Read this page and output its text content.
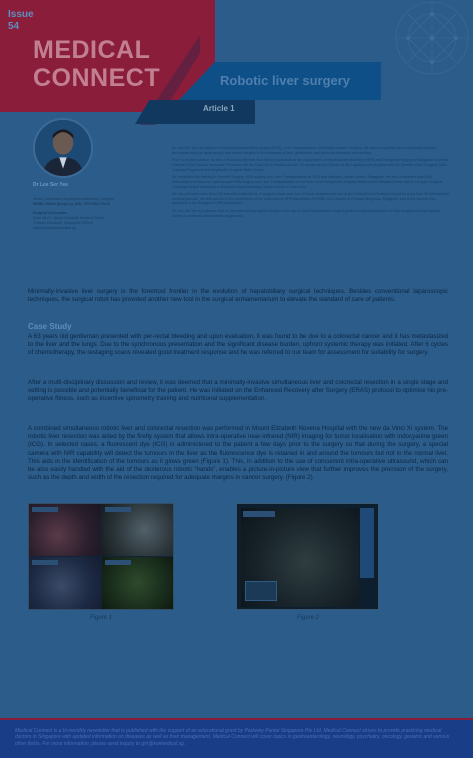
Issue
54
MEDICAL
CONNECT	Robotic liver surgery
Article 1
Dr Lee Ser Yee
Senior Consultant Hepatopancreatobiliary Surgeon
MBBS, MMed (Surgery), MSc, FRCSEd, FACS
Surgical Associates
Suite 08-07, Mount Elizabeth Medical Centre
3 Mount Elizabeth, Singapore 228510
www.surgicalassociates.sg

Dr. Lee Ser Yee specialises in Hepatopancreatobiliary surgery (HPB), Liver Transplantation, Minimally-Invasive Surgery. His area of expertise lies in minimally invasive techniques such as laparoscopic and robotic surgery in the treatment of liver, gallbladder and pancreas diseases and cancers.

Prior to private practice, he was a Founding Member and Senior Consultant at the Department of Hepatopancreatobiliary (HPB) and Transplant Surgery at Singapore General Hospital (SGH) and an Associate Professor with the Duke-NUS medical school. He served as the Director of the Laparoscopic program and the Director of the Surgical Skills Training Program at the SingHealth Surgical Skills Centre.

He completed his training in General Surgery, HPB surgery and Liver Transplantation at SGH and National Cancer Centre, Singapore. He also completed dual USA fellowships in Advanced Laparoscopic HPB surgery and Liver Transplantation at the New York Presbyterian Hospital-Weill Cornell Medical Center and a Complex Surgical Oncology clinical fellowship at Memorial Sloan Kettering Cancer Center in New York.

He has authored more than 140 scientific publications, 4 surgical books and over 10 book chapters and sits on the Editorial and Reviewer Board for more than 30 international medical journals. He also serves in the committees of the International HPB Association (IHPBA), the Chapter of General Surgeons, Singapore and is the current Vice-president of the Singapore HPB Association.

Dr. Lee Ser Yee is a pioneer and an international key-opinion leader in the use of novel fluorescence imaged-guided surgical techniques for liver surgery and has spoken widely in numerous international congresses.

Minimally-invasive liver surgery is the foremost frontier in the evolution of hepatobiliary surgical techniques. Besides conventional laparoscopic techniques, the surgical robot has provided another new tool in the surgical armamentarium to elevate the standard of care of patients.

Case Study

A 63 years old gentleman presented with per-rectal bleeding and upon evaluation, it was found to be due to a colorectal cancer and it has metastasized to the liver and the lungs. Due to the synchronous presentation and the significant disease burden, upfront systemic therapy was initiated. After 6 cycles of chemotherapy, the restaging scans revealed good treatment response and he was referred to our team for assessment for suitability for surgery.

After a multi-disciplinary discussion and review, it was deemed that a minimally-invasive simultaneous liver and colorectal resection in a single stage and setting is possible and potentially beneficial for the patient. He was initiated on the Enhanced Recovery after Surgery (ERAS) protocol to optimise his pre-operative fitness, such as incentive spirometry training and nutritional supplementation.

A combined simultaneous robotic liver and colorectal resection was performed in Mount Elizabeth Novena Hospital with the new da Vinci Xi system. The robotic liver resection was aided by the firefly system that allows intra-operative near-infrared (NIR) imaging for tumor localisation with indocyanine green (ICG). In selected cases, a fluorescent dye (ICG) is administered to the patient a few days prior to the surgery so that during the surgery, a special camera with NIR capability will detect the tumours in the liver as the fluorescence dye is retained in and around the tumours but not in the normal liver. This aids in the identification of the tumours as it glows green (Figure 1). This, in addition to the use of concurrent intra-operative ultrasound, which can be also easily handled with the aid of the dexterous robotic “hands”, enables a picture-in-picture view that further improves the precision of the surgery, such as the depth and width of the resection required for adequate margins in cancer surgery. (Figure 2)

Figure 1	Figure 2
Medical Connect is a bi-monthly newsletter that is published with the support of an educational grant by Parkway Pantai Singapore Pte Ltd. Medical Connect strives to provide practicing medical doctors in Singapore with updated information on diseases as well as their management. Medical Connect will cover topics in gastroenterology, neurology, psychiatry, oncology, geriatric and various other fields. For more information, please send inquiry to gm@kaimedical.sg.
